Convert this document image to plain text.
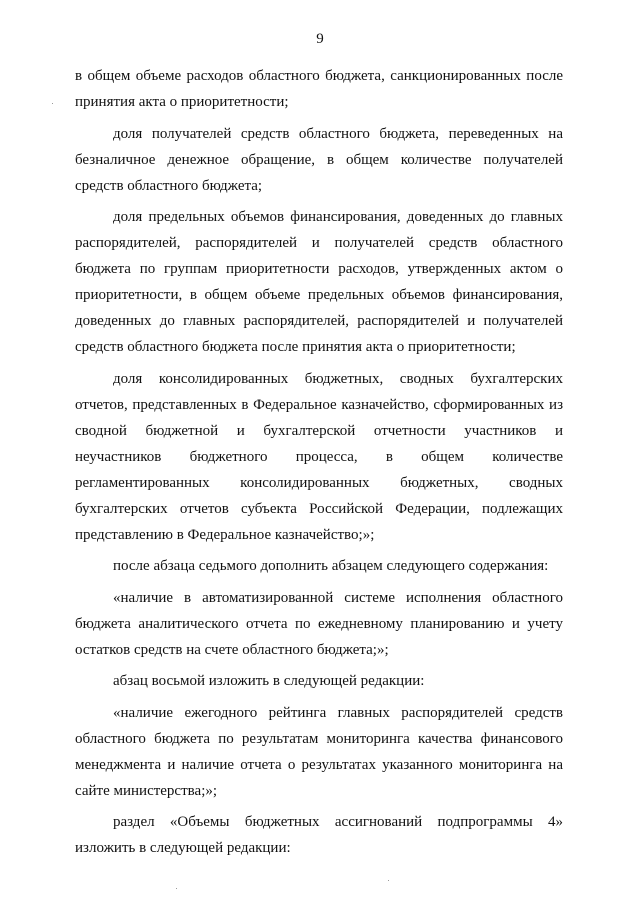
9

в общем объеме расходов областного бюджета, санкционированных после принятия акта о приоритетности;

доля получателей средств областного бюджета, переведенных на безналичное денежное обращение, в общем количестве получателей средств областного бюджета;

доля предельных объемов финансирования, доведенных до главных распорядителей, распорядителей и получателей средств областного бюджета по группам приоритетности расходов, утвержденных актом о приоритетности, в общем объеме предельных объемов финансирования, доведенных до главных распорядителей, распорядителей и получателей средств областного бюджета после принятия акта о приоритетности;

доля консолидированных бюджетных, сводных бухгалтерских отчетов, представленных в Федеральное казначейство, сформированных из сводной бюджетной и бухгалтерской отчетности участников и неучастников бюджетного процесса, в общем количестве регламентированных консолидированных бюджетных, сводных бухгалтерских отчетов субъекта Российской Федерации, подлежащих представлению в Федеральное казначейство;»;

после абзаца седьмого дополнить абзацем следующего содержания:

«наличие в автоматизированной системе исполнения областного бюджета аналитического отчета по ежедневному планированию и учету остатков средств на счете областного бюджета;»;

абзац восьмой изложить в следующей редакции:

«наличие ежегодного рейтинга главных распорядителей средств областного бюджета по результатам мониторинга качества финансового менеджмента и наличие отчета о результатах указанного мониторинга на сайте министерства;»;

раздел «Объемы бюджетных ассигнований подпрограммы 4» изложить в следующей редакции:
